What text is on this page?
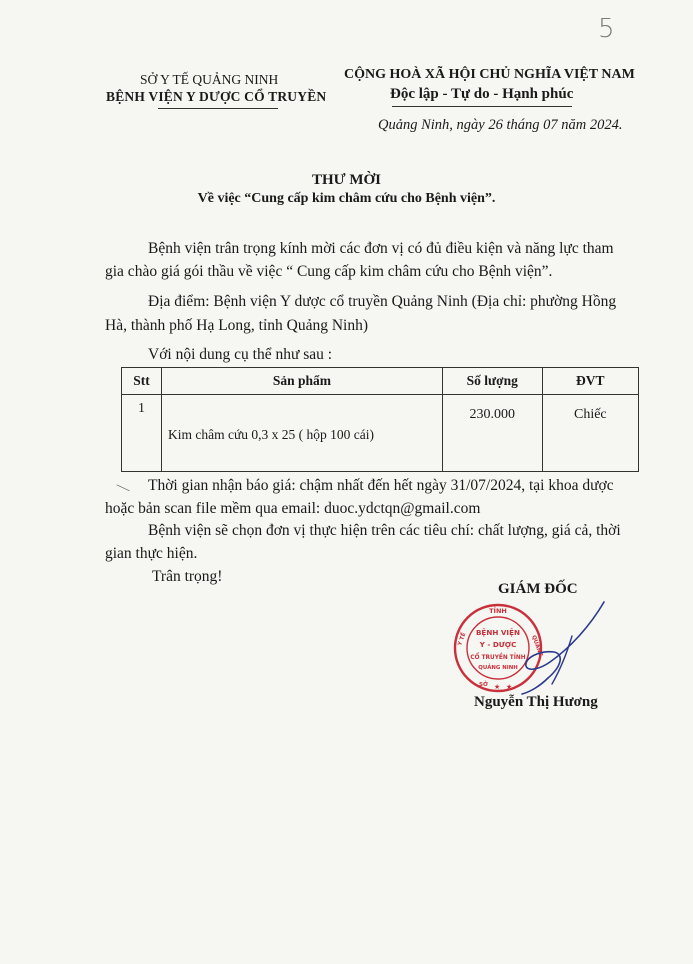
5
SỞ Y TẾ QUẢNG NINH
BỆNH VIỆN Y DƯỢC CỔ TRUYỀN
CỘNG HOÀ XÃ HỘI CHỦ NGHĨA VIỆT NAM
Độc lập - Tự do - Hạnh phúc
Quảng Ninh, ngày 26 tháng 07 năm 2024.
THƯ MỜI
Về việc “Cung cấp kim châm cứu cho Bệnh viện”.
Bệnh viện trân trọng kính mời các đơn vị có đủ điều kiện và năng lực tham
gia chào giá gói thầu về việc “ Cung cấp kim châm cứu cho Bệnh viện”.
Địa điểm: Bệnh viện Y dược cổ truyền Quảng Ninh (Địa chỉ: phường Hồng
Hà, thành phố Hạ Long, tỉnh Quảng Ninh)
Với nội dung cụ thể như sau :
Stt	Sản phẩm	Số lượng	ĐVT
1	Kim châm cứu 0,3 x 25 ( hộp 100 cái)	230.000	Chiếc
— Thời gian nhận báo giá: chậm nhất đến hết ngày 31/07/2024, tại khoa dược
hoặc bản scan file mềm qua email: duoc.ydctqn@gmail.com
Bệnh viện sẽ chọn đơn vị thực hiện trên các tiêu chí: chất lượng, giá cả, thời
gian thực hiện.
Trân trọng!
GIÁM ĐỐC
TỈNH
Y TẾ	QUẢNG
SỞ ★ ★
BỆNH VIỆN
Y - DƯỢC
CỔ TRUYỀN TỈNH
QUẢNG NINH
Nguyễn Thị Hương
